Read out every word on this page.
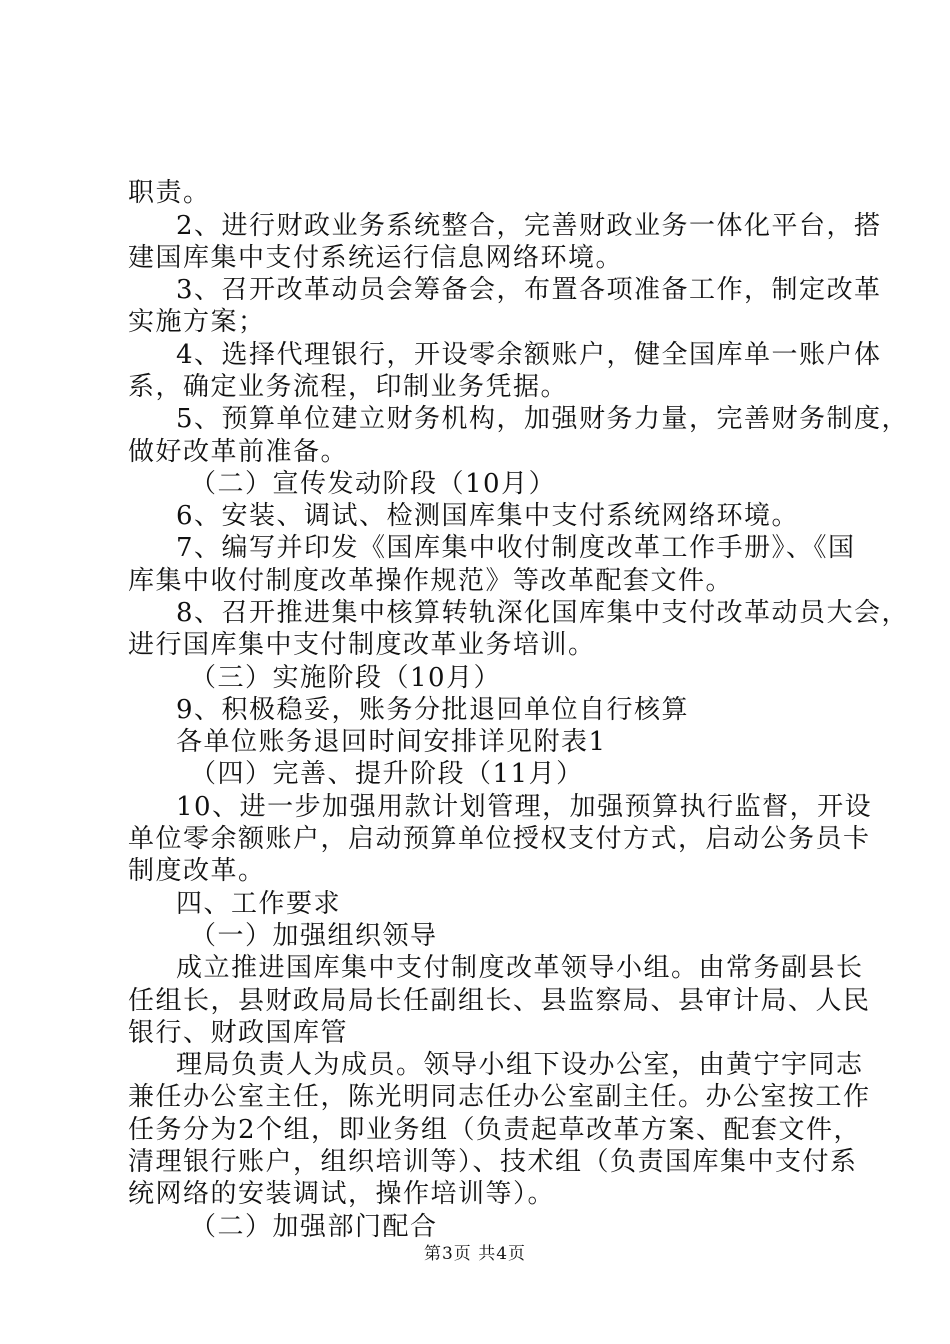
职责。
2、进行财政业务系统整合，完善财政业务一体化平台，搭
建国库集中支付系统运行信息网络环境。
3、召开改革动员会筹备会，布置各项准备工作，制定改革
实施方案；
4、选择代理银行，开设零余额账户，健全国库单一账户体
系，确定业务流程，印制业务凭据。
5、预算单位建立财务机构，加强财务力量，完善财务制度，
做好改革前准备。
（二）宣传发动阶段（10月）
6、安装、调试、检测国库集中支付系统网络环境。
7、编写并印发《国库集中收付制度改革工作手册》、《国
库集中收付制度改革操作规范》等改革配套文件。
8、召开推进集中核算转轨深化国库集中支付改革动员大会，
进行国库集中支付制度改革业务培训。
（三）实施阶段（10月）
9、积极稳妥，账务分批退回单位自行核算
各单位账务退回时间安排详见附表1
（四）完善、提升阶段（11月）
10、进一步加强用款计划管理，加强预算执行监督，开设
单位零余额账户，启动预算单位授权支付方式，启动公务员卡
制度改革。
四、工作要求
（一）加强组织领导
成立推进国库集中支付制度改革领导小组。由常务副县长
任组长，县财政局局长任副组长、县监察局、县审计局、人民
银行、财政国库管
理局负责人为成员。领导小组下设办公室，由黄宁宇同志
兼任办公室主任，陈光明同志任办公室副主任。办公室按工作
任务分为2个组，即业务组（负责起草改革方案、配套文件，
清理银行账户，组织培训等）、技术组（负责国库集中支付系
统网络的安装调试，操作培训等）。
（二）加强部门配合
第3页 共4页
